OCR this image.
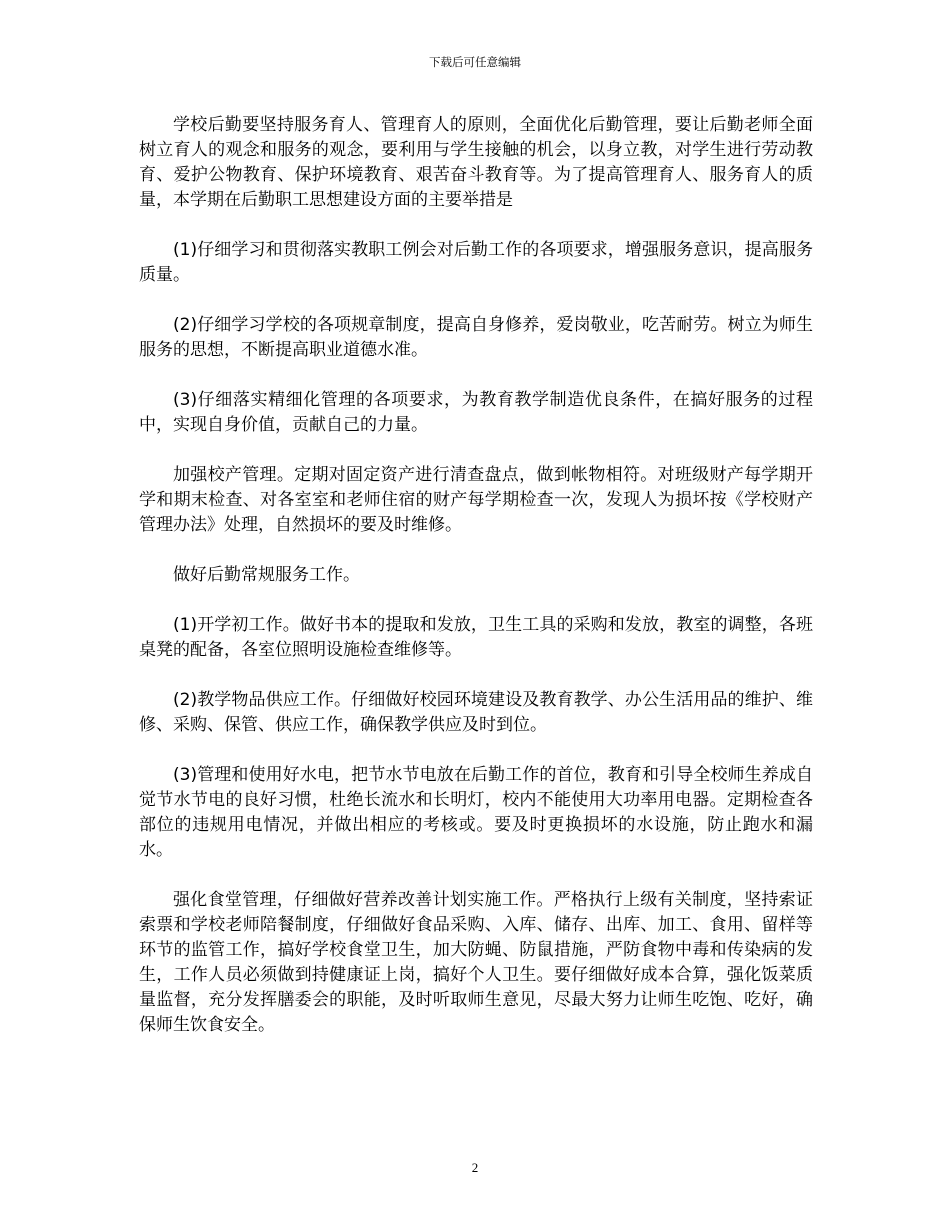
下载后可任意编辑

学校后勤要坚持服务育人、管理育人的原则，全面优化后勤管理，要让后勤老师全面树立育人的观念和服务的观念，要利用与学生接触的机会，以身立教，对学生进行劳动教育、爱护公物教育、保护环境教育、艰苦奋斗教育等。为了提高管理育人、服务育人的质量，本学期在后勤职工思想建设方面的主要举措是

(1)仔细学习和贯彻落实教职工例会对后勤工作的各项要求，增强服务意识，提高服务质量。

(2)仔细学习学校的各项规章制度，提高自身修养，爱岗敬业，吃苦耐劳。树立为师生服务的思想，不断提高职业道德水准。

(3)仔细落实精细化管理的各项要求，为教育教学制造优良条件，在搞好服务的过程中，实现自身价值，贡献自己的力量。

加强校产管理。定期对固定资产进行清查盘点，做到帐物相符。对班级财产每学期开学和期末检查、对各室室和老师住宿的财产每学期检查一次，发现人为损坏按《学校财产管理办法》处理，自然损坏的要及时维修。

做好后勤常规服务工作。

(1)开学初工作。做好书本的提取和发放，卫生工具的采购和发放，教室的调整，各班桌凳的配备，各室位照明设施检查维修等。

(2)教学物品供应工作。仔细做好校园环境建设及教育教学、办公生活用品的维护、维修、采购、保管、供应工作，确保教学供应及时到位。

(3)管理和使用好水电，把节水节电放在后勤工作的首位，教育和引导全校师生养成自觉节水节电的良好习惯，杜绝长流水和长明灯，校内不能使用大功率用电器。定期检查各部位的违规用电情况，并做出相应的考核或。要及时更换损坏的水设施，防止跑水和漏水。

强化食堂管理，仔细做好营养改善计划实施工作。严格执行上级有关制度，坚持索证索票和学校老师陪餐制度，仔细做好食品采购、入库、储存、出库、加工、食用、留样等环节的监管工作，搞好学校食堂卫生，加大防蝇、防鼠措施，严防食物中毒和传染病的发生，工作人员必须做到持健康证上岗，搞好个人卫生。要仔细做好成本合算，强化饭菜质量监督，充分发挥膳委会的职能，及时听取师生意见，尽最大努力让师生吃饱、吃好，确保师生饮食安全。

2
